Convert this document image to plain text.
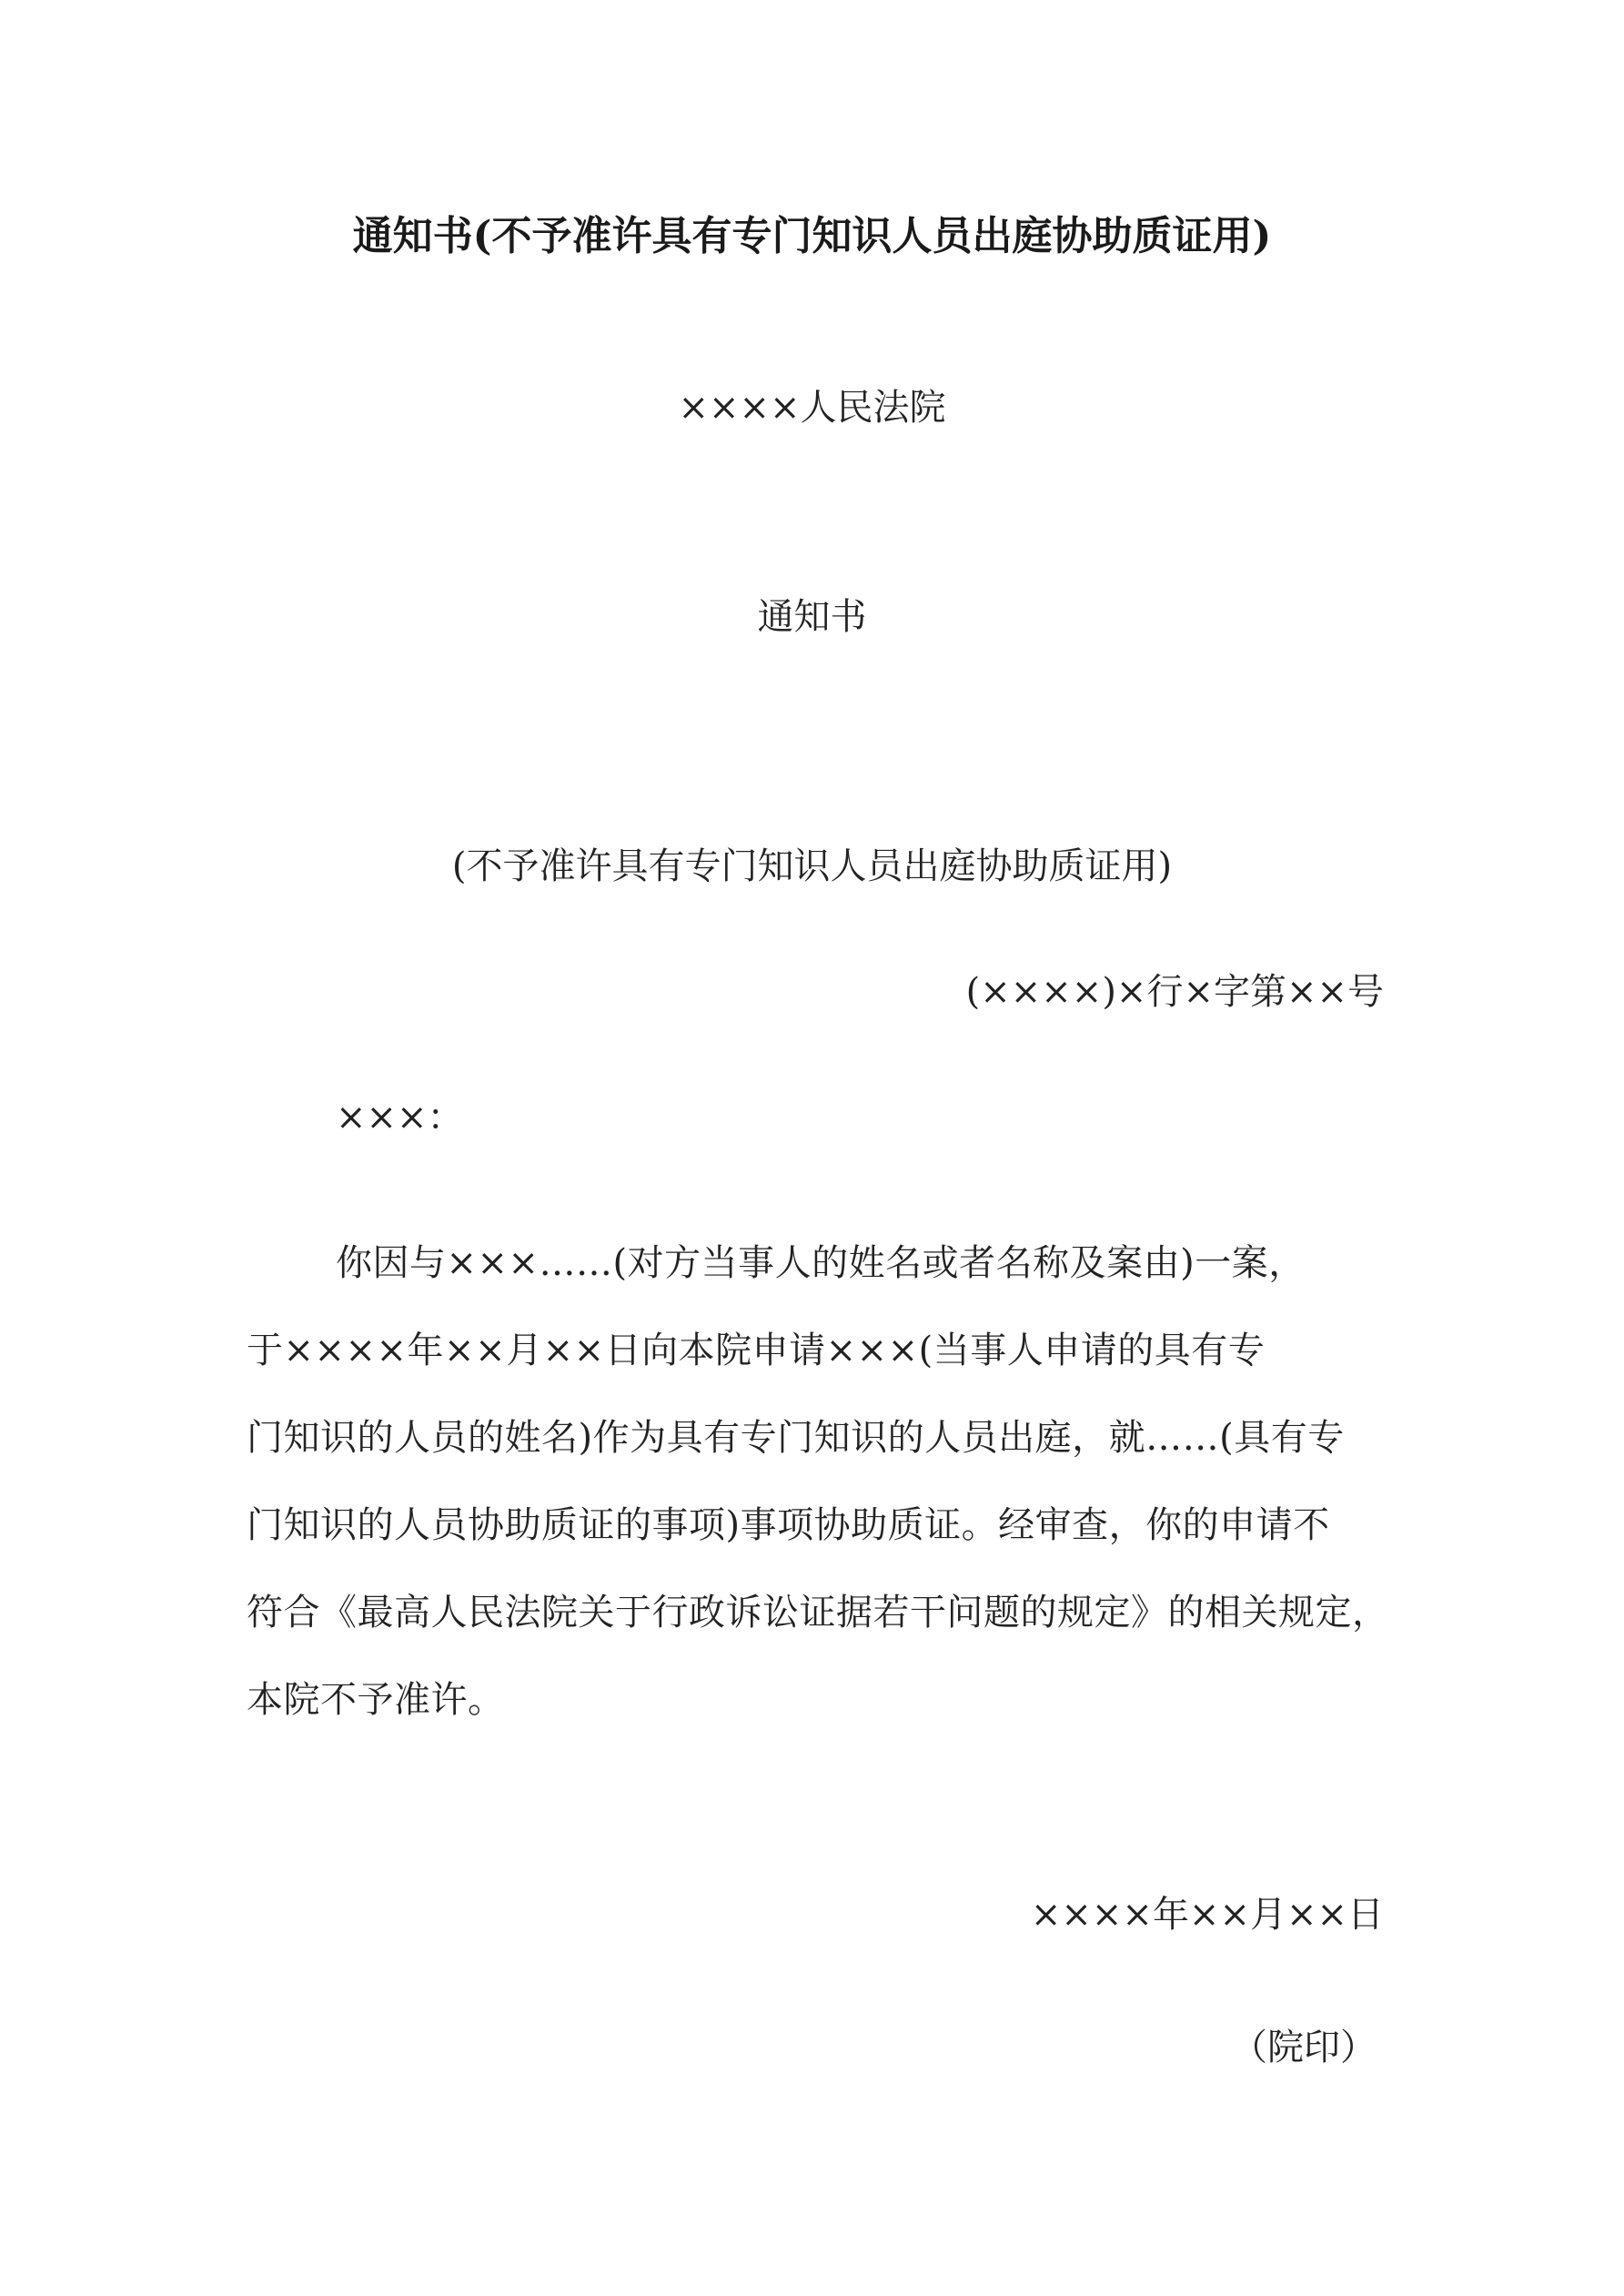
通知书(不予准许具有专门知识人员出庭协助质证用)

××××人民法院

通知书

(不予准许具有专门知识人员出庭协助质证用)

(××××)×行×字第××号

×××：

你因与×××……(对方当事人的姓名或者名称及案由)一案，
于××××年××月××日向本院申请×××(当事人申请的具有专
门知识的人员的姓名)作为具有专门知识的人员出庭，就……(具有专
门知识的人员协助质证的事项)事项协助质证。经审查，你的申请不
符合《最高人民法院关于行政诉讼证据若干问题的规定》的相关规定，
本院不予准许。

××××年××月××日

（院印）
